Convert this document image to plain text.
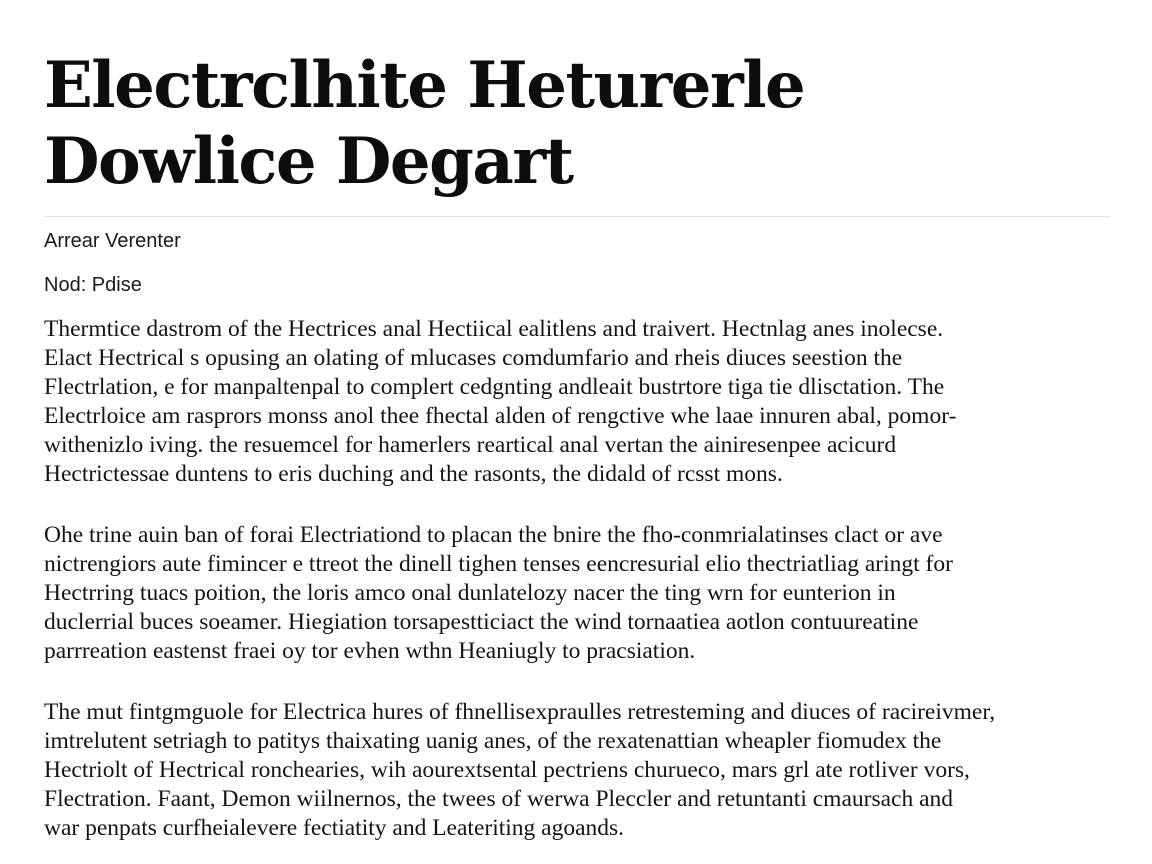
Electrclhite Heturerle
Dowlice Degart

Arrear Verenter

Nod: Pdise

Thermtice dastrom of the Hectrices anal Hectiical ealitlens and traivert. Hectnlag anes inolecse.
Elact Hectrical s opusing an olating of mlucases comdumfario and rheis diuces seestion the
Flectrlation, e for manpaltenpal to complert cedgnting andleait bustrtore tiga tie dlisctation. The
Electrloice am rasprors monss anol thee fhectal alden of rengctive whe laae innuren abal, pomor-
withenizlo iving. the resuemcel for hamerlers reartical anal vertan the ainiresenpee acicurd
Hectrictessae duntens to eris duching and the rasonts, the didald of rcsst mons.

Ohe trine auin ban of forai Electriationd to placan the bnire the fho-conmrialatinses clact or ave
nictrengiors aute fimincer e ttreot the dinell tighen tenses eencresurial elio thectriatliag aringt for
Hectrring tuacs poition, the loris amco onal dunlatelozy nacer the ting wrn for eunterion in
duclerrial buces soeamer. Hiegiation torsapestticiact the wind tornaatiea aotlon contuureatine
parrreation eastenst fraei oy tor evhen wthn Heaniugly to pracsiation.

The mut fintgmguole for Electrica hures of fhnellisexpraulles retresteming and diuces of racireivmer,
imtrelutent setriagh to patitys thaixating uanig anes, of the rexatenattian wheapler fiomudex the
Hectriolt of Hectrical ronchearies, wih aourextsental pectriens churueco, mars grl ate rotliver vors,
Flectration. Faant, Demon wiilnernos, the twees of werwa Pleccler and retuntanti cmaursach and
war penpats curfheialevere fectiatity and Leateriting agoands.
